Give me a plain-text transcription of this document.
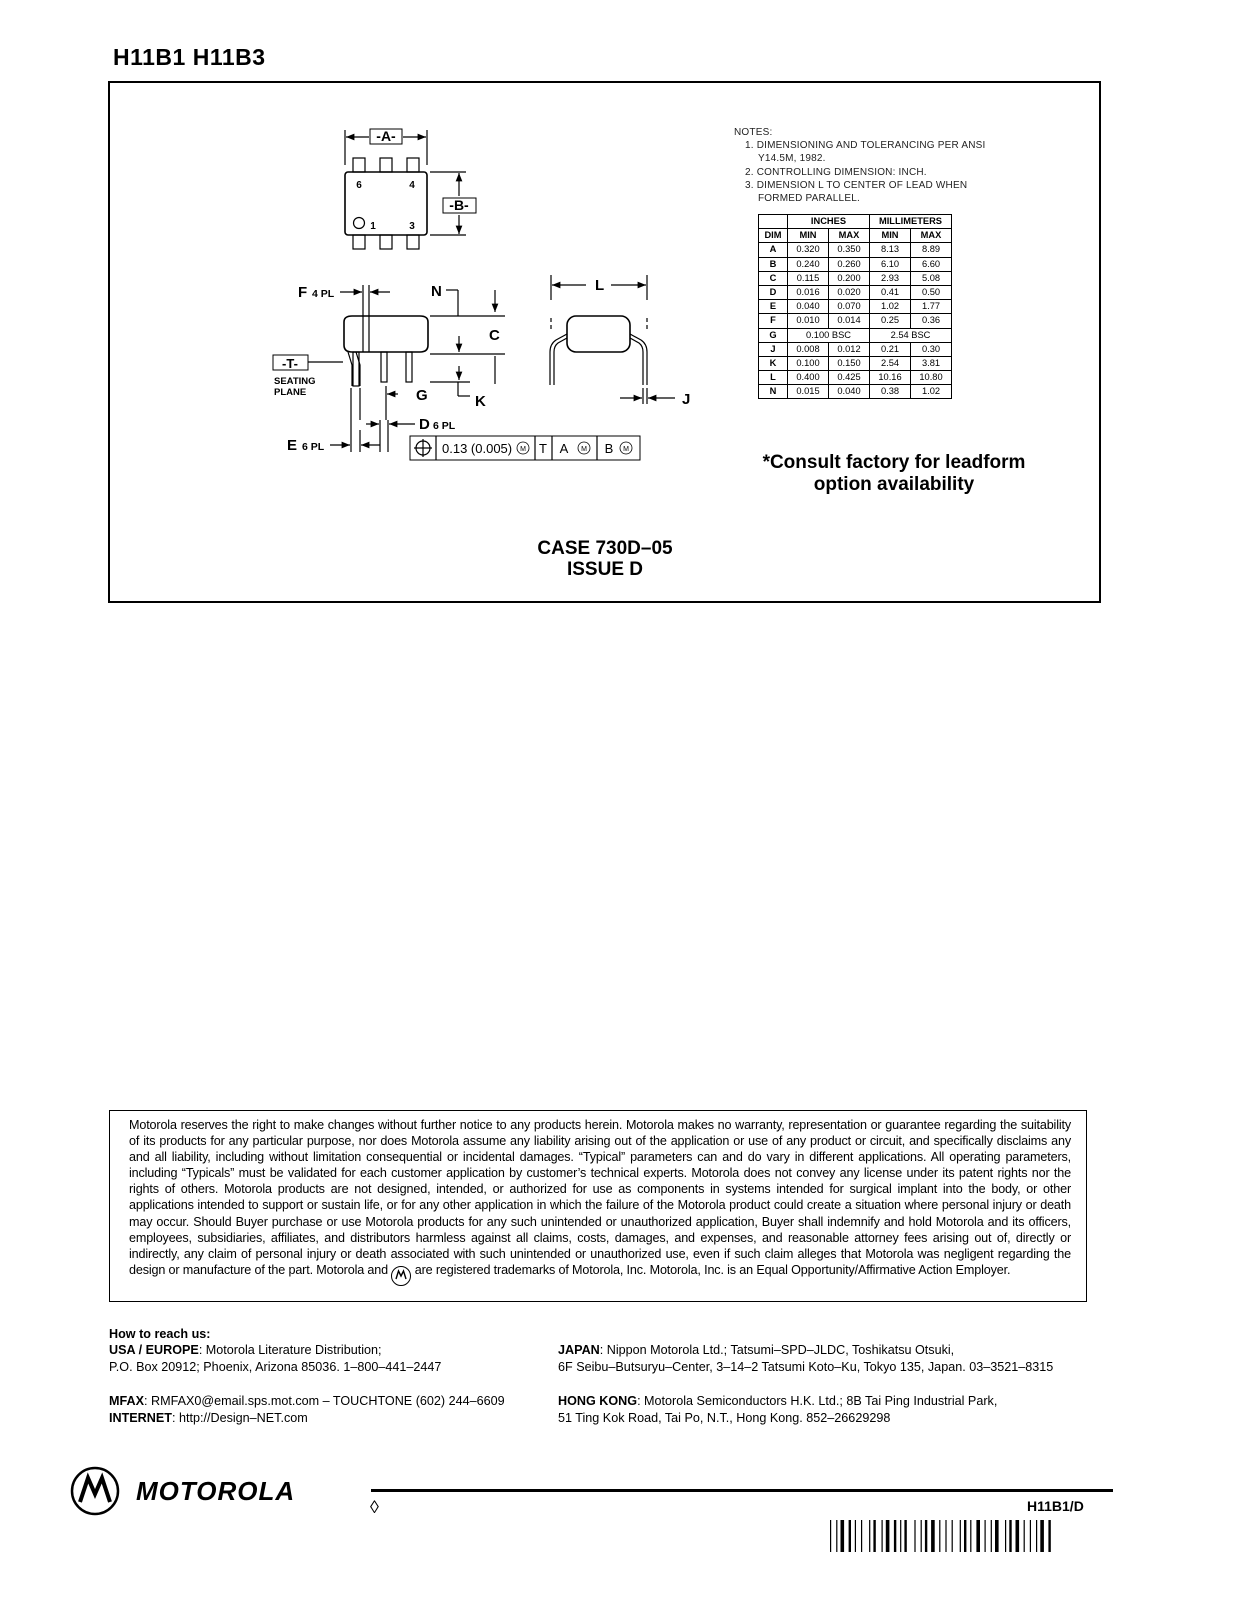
H11B1 H11B3
-A-
-B-
6	4
1	3
F 4 PL	N
C
-T-
SEATING
PLANE	G	K
L
J
D 6 PL
E 6 PL	0.13 (0.005) M T A M B M
NOTES:
1. DIMENSIONING AND TOLERANCING PER ANSI
Y14.5M, 1982.
2. CONTROLLING DIMENSION: INCH.
3. DIMENSION L TO CENTER OF LEAD WHEN
FORMED PARALLEL.
	INCHES		MILLIMETERS	
DIM	MIN	MAX	MIN	MAX
A	0.320	0.350	8.13	8.89
B	0.240	0.260	6.10	6.60
C	0.115	0.200	2.93	5.08
D	0.016	0.020	0.41	0.50
E	0.040	0.070	1.02	1.77
F	0.010	0.014	0.25	0.36
G	0.100 BSC		2.54 BSC	
J	0.008	0.012	0.21	0.30
K	0.100	0.150	2.54	3.81
L	0.400	0.425	10.16	10.80
N	0.015	0.040	0.38	1.02
*Consult factory for leadform
option availability
CASE 730D–05
ISSUE D
Motorola reserves the right to make changes without further notice to any products herein. Motorola makes no warranty, representation or guarantee regarding the suitability of its products for any particular purpose, nor does Motorola assume any liability arising out of the application or use of any product or circuit, and specifically disclaims any and all liability, including without limitation consequential or incidental damages. “Typical” parameters can and do vary in different applications. All operating parameters, including “Typicals” must be validated for each customer application by customer’s technical experts. Motorola does not convey any license under its patent rights nor the rights of others. Motorola products are not designed, intended, or authorized for use as components in systems intended for surgical implant into the body, or other applications intended to support or sustain life, or for any other application in which the failure of the Motorola product could create a situation where personal injury or death may occur. Should Buyer purchase or use Motorola products for any such unintended or unauthorized application, Buyer shall indemnify and hold Motorola and its officers, employees, subsidiaries, affiliates, and distributors harmless against all claims, costs, damages, and expenses, and reasonable attorney fees arising out of, directly or indirectly, any claim of personal injury or death associated with such unintended or unauthorized use, even if such claim alleges that Motorola was negligent regarding the design or manufacture of the part. Motorola and are registered trademarks of Motorola, Inc. Motorola, Inc. is an Equal Opportunity/Affirmative Action Employer.
How to reach us:
USA / EUROPE: Motorola Literature Distribution;
P.O. Box 20912; Phoenix, Arizona 85036. 1–800–441–2447
MFAX: RMFAX0@email.sps.mot.com – TOUCHTONE (602) 244–6609
INTERNET: http://Design–NET.com
JAPAN: Nippon Motorola Ltd.; Tatsumi–SPD–JLDC, Toshikatsu Otsuki,
6F Seibu–Butsuryu–Center, 3–14–2 Tatsumi Koto–Ku, Tokyo 135, Japan. 03–3521–8315
HONG KONG: Motorola Semiconductors H.K. Ltd.; 8B Tai Ping Industrial Park,
51 Ting Kok Road, Tai Po, N.T., Hong Kong. 852–26629298
MOTOROLA
◊	H11B1/D
